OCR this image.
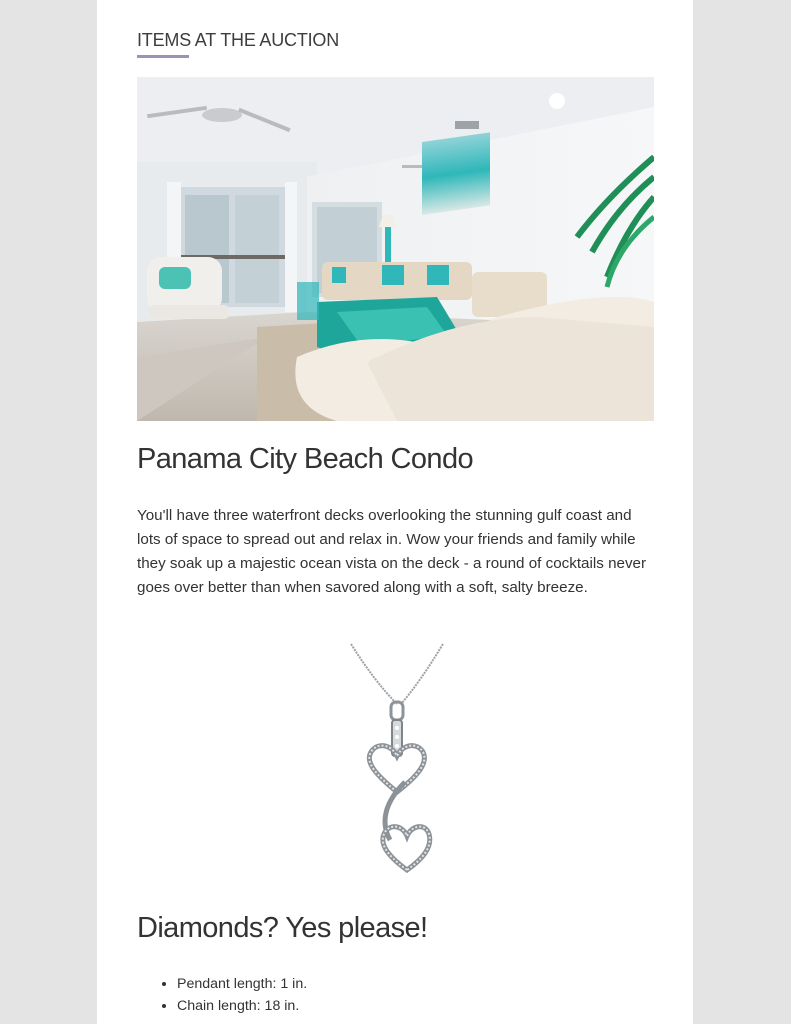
ITEMS AT THE AUCTION
Panama City Beach Condo

You'll have three waterfront decks overlooking the stunning gulf coast and lots of space to spread out and relax in. Wow your friends and family while they soak up a majestic ocean vista on the deck - a round of cocktails never goes over better than when savored along with a soft, salty breeze.

Diamonds? Yes please!
• Pendant length: 1 in.
• Chain length: 18 in.
